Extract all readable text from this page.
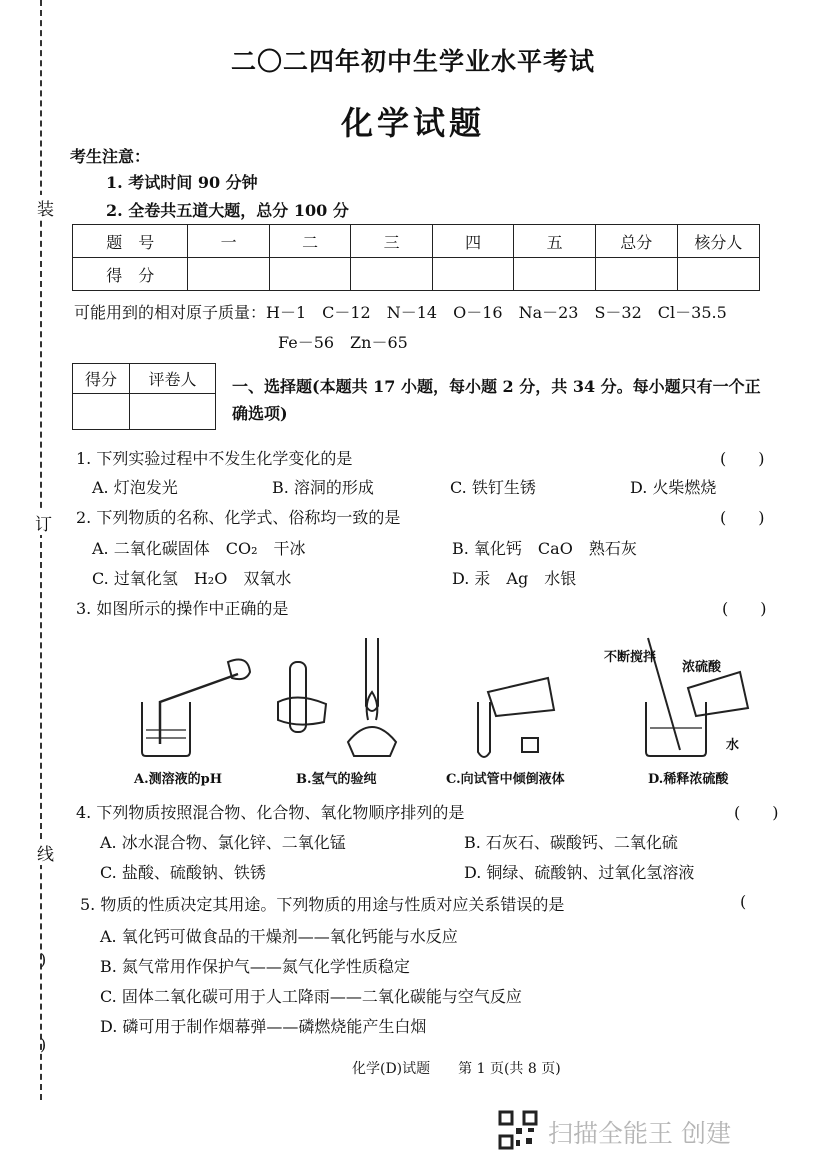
装
订
线
)
)
二〇二四年初中生学业水平考试
化学试题
考生注意：
1. 考试时间 90 分钟
2. 全卷共五道大题，总分 100 分
题　号	一	二	三	四	五	总分	核分人
得　分							
可能用到的相对原子质量：H－1　C－12　N－14　O－16　Na－23　S－32　Cl－35.5
Fe－56　Zn－65
得分	评卷人
	一、选择题(本题共 17 小题，每小题 2 分，共 34 分。每小题只有一个正
确选项)
1. 下列实验过程中不发生化学变化的是	(　　)
A. 灯泡发光	B. 溶洞的形成	C. 铁钉生锈	D. 火柴燃烧
2. 下列物质的名称、化学式、俗称均一致的是	(　　)
A. 二氧化碳固体　CO₂　干冰	B. 氧化钙　CaO　熟石灰
C. 过氧化氢　H₂O　双氧水	D. 汞　Ag　水银
3. 如图所示的操作中正确的是	(　　)
不断搅拌
浓硫酸
水
A.测溶液的pH	B.氢气的验纯	C.向试管中倾倒液体	D.稀释浓硫酸
4. 下列物质按照混合物、化合物、氧化物顺序排列的是	(　　)
A. 冰水混合物、氯化锌、二氧化锰	B. 石灰石、碳酸钙、二氧化硫
C. 盐酸、硫酸钠、铁锈	D. 铜绿、硫酸钠、过氧化氢溶液
5. 物质的性质决定其用途。下列物质的用途与性质对应关系错误的是	(
A. 氧化钙可做食品的干燥剂——氧化钙能与水反应
B. 氮气常用作保护气——氮气化学性质稳定
C. 固体二氧化碳可用于人工降雨——二氧化碳能与空气反应
D. 磷可用于制作烟幕弹——磷燃烧能产生白烟
化学(D)试题　　第 1 页(共 8 页)
扫描全能王 创建
